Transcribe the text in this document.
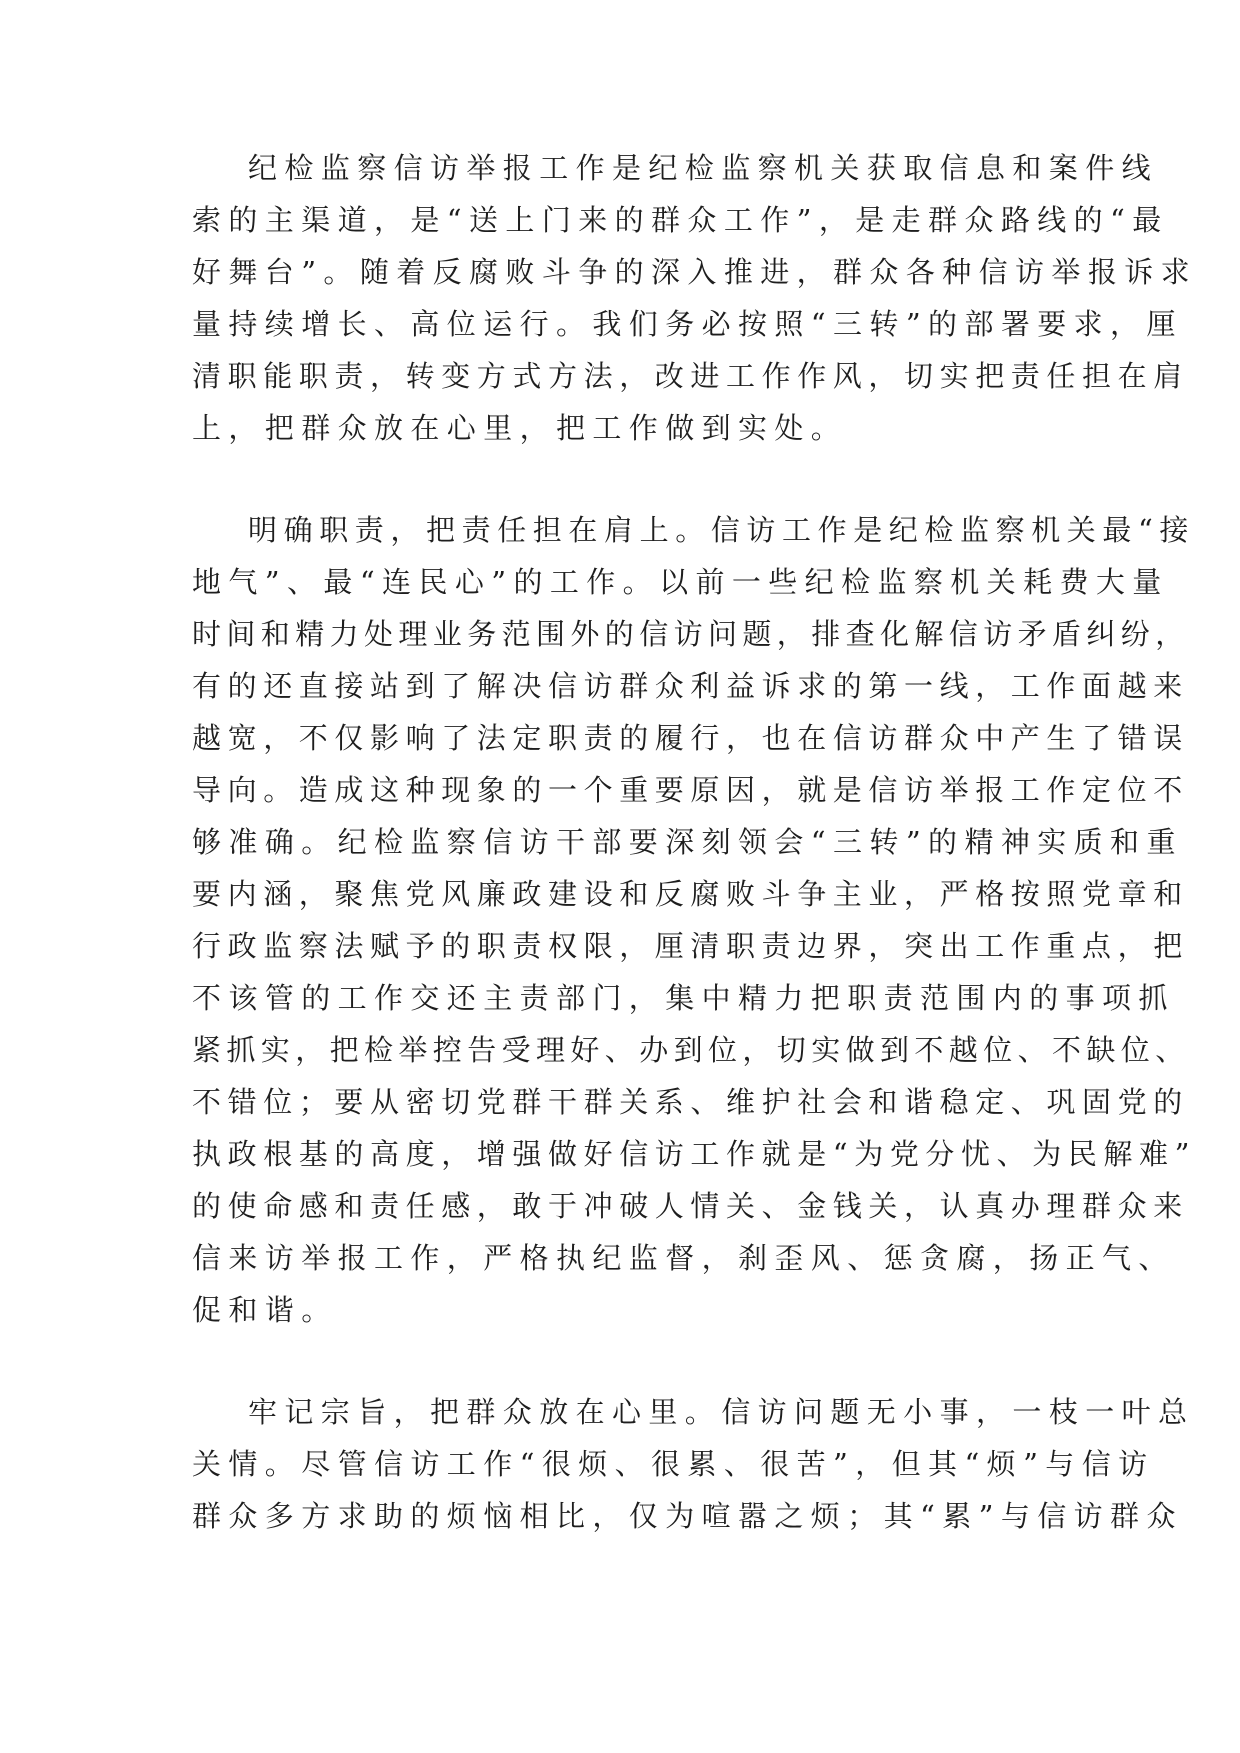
纪检监察信访举报工作是纪检监察机关获取信息和案件线
索的主渠道，是“送上门来的群众工作”，是走群众路线的“最
好舞台”。随着反腐败斗争的深入推进，群众各种信访举报诉求
量持续增长、高位运行。我们务必按照“三转”的部署要求，厘
清职能职责，转变方式方法，改进工作作风，切实把责任担在肩
上，把群众放在心里，把工作做到实处。
明确职责，把责任担在肩上。信访工作是纪检监察机关最“接
地气”、最“连民心”的工作。以前一些纪检监察机关耗费大量
时间和精力处理业务范围外的信访问题，排查化解信访矛盾纠纷，
有的还直接站到了解决信访群众利益诉求的第一线，工作面越来
越宽，不仅影响了法定职责的履行，也在信访群众中产生了错误
导向。造成这种现象的一个重要原因，就是信访举报工作定位不
够准确。纪检监察信访干部要深刻领会“三转”的精神实质和重
要内涵，聚焦党风廉政建设和反腐败斗争主业，严格按照党章和
行政监察法赋予的职责权限，厘清职责边界，突出工作重点，把
不该管的工作交还主责部门，集中精力把职责范围内的事项抓
紧抓实，把检举控告受理好、办到位，切实做到不越位、不缺位、
不错位；要从密切党群干群关系、维护社会和谐稳定、巩固党的
执政根基的高度，增强做好信访工作就是“为党分忧、为民解难”
的使命感和责任感，敢于冲破人情关、金钱关，认真办理群众来
信来访举报工作，严格执纪监督，刹歪风、惩贪腐，扬正气、
促和谐。
牢记宗旨，把群众放在心里。信访问题无小事，一枝一叶总
关情。尽管信访工作“很烦、很累、很苦”，但其“烦”与信访
群众多方求助的烦恼相比，仅为喧嚣之烦；其“累”与信访群众
